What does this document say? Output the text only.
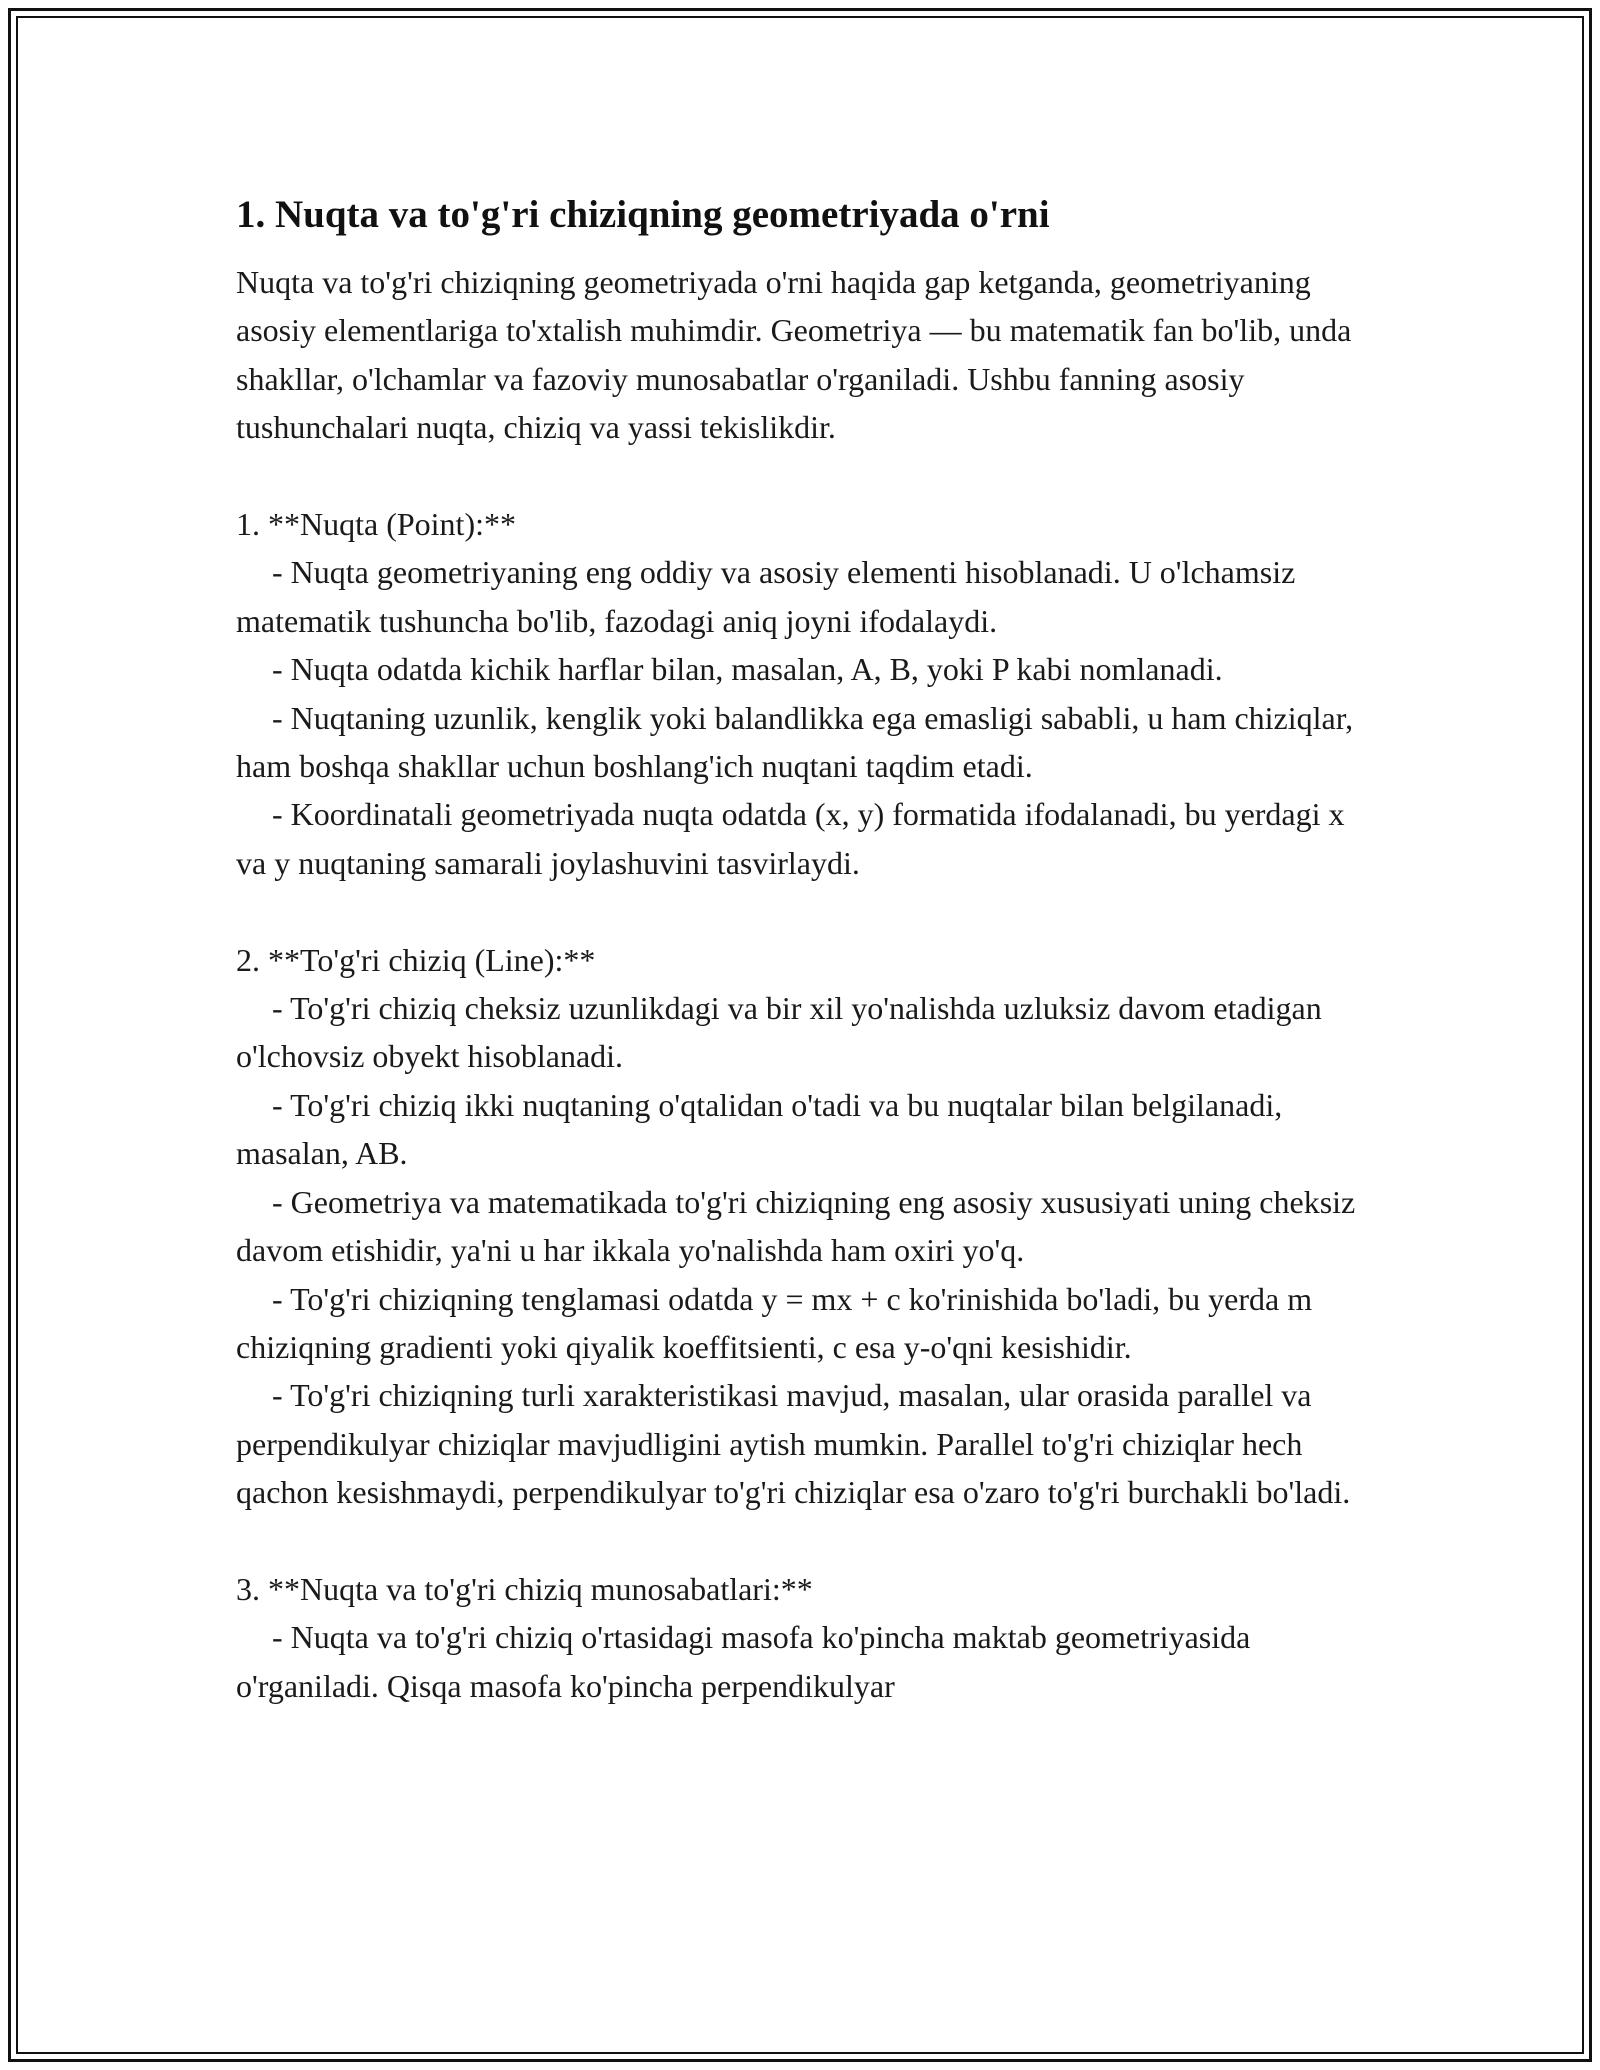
1. Nuqta va to'g'ri chiziqning geometriyada o'rni

Nuqta va to'g'ri chiziqning geometriyada o'rni haqida gap ketganda, geometriyaning asosiy elementlariga to'xtalish muhimdir. Geometriya — bu matematik fan bo'lib, unda shakllar, o'lchamlar va fazoviy munosabatlar o'rganiladi. Ushbu fanning asosiy tushunchalari nuqta, chiziq va yassi tekislikdir.

1. **Nuqta (Point):**

- Nuqta geometriyaning eng oddiy va asosiy elementi hisoblanadi. U o'lchamsiz matematik tushuncha bo'lib, fazodagi aniq joyni ifodalaydi.

- Nuqta odatda kichik harflar bilan, masalan, A, B, yoki P kabi nomlanadi.

- Nuqtaning uzunlik, kenglik yoki balandlikka ega emasligi sababli, u ham chiziqlar, ham boshqa shakllar uchun boshlang'ich nuqtani taqdim etadi.

- Koordinatali geometriyada nuqta odatda (x, y) formatida ifodalanadi, bu yerdagi x va y nuqtaning samarali joylashuvini tasvirlaydi.

2. **To'g'ri chiziq (Line):**

- To'g'ri chiziq cheksiz uzunlikdagi va bir xil yo'nalishda uzluksiz davom etadigan o'lchovsiz obyekt hisoblanadi.

- To'g'ri chiziq ikki nuqtaning o'qtalidan o'tadi va bu nuqtalar bilan belgilanadi, masalan, AB.

- Geometriya va matematikada to'g'ri chiziqning eng asosiy xususiyati uning cheksiz davom etishidir, ya'ni u har ikkala yo'nalishda ham oxiri yo'q.

- To'g'ri chiziqning tenglamasi odatda y = mx + c ko'rinishida bo'ladi, bu yerda m chiziqning gradienti yoki qiyalik koeffitsienti, c esa y-o'qni kesishidir.

- To'g'ri chiziqning turli xarakteristikasi mavjud, masalan, ular orasida parallel va perpendikulyar chiziqlar mavjudligini aytish mumkin. Parallel to'g'ri chiziqlar hech qachon kesishmaydi, perpendikulyar to'g'ri chiziqlar esa o'zaro to'g'ri burchakli bo'ladi.

3. **Nuqta va to'g'ri chiziq munosabatlari:**

- Nuqta va to'g'ri chiziq o'rtasidagi masofa ko'pincha maktab geometriyasida o'rganiladi. Qisqa masofa ko'pincha perpendikulyar
